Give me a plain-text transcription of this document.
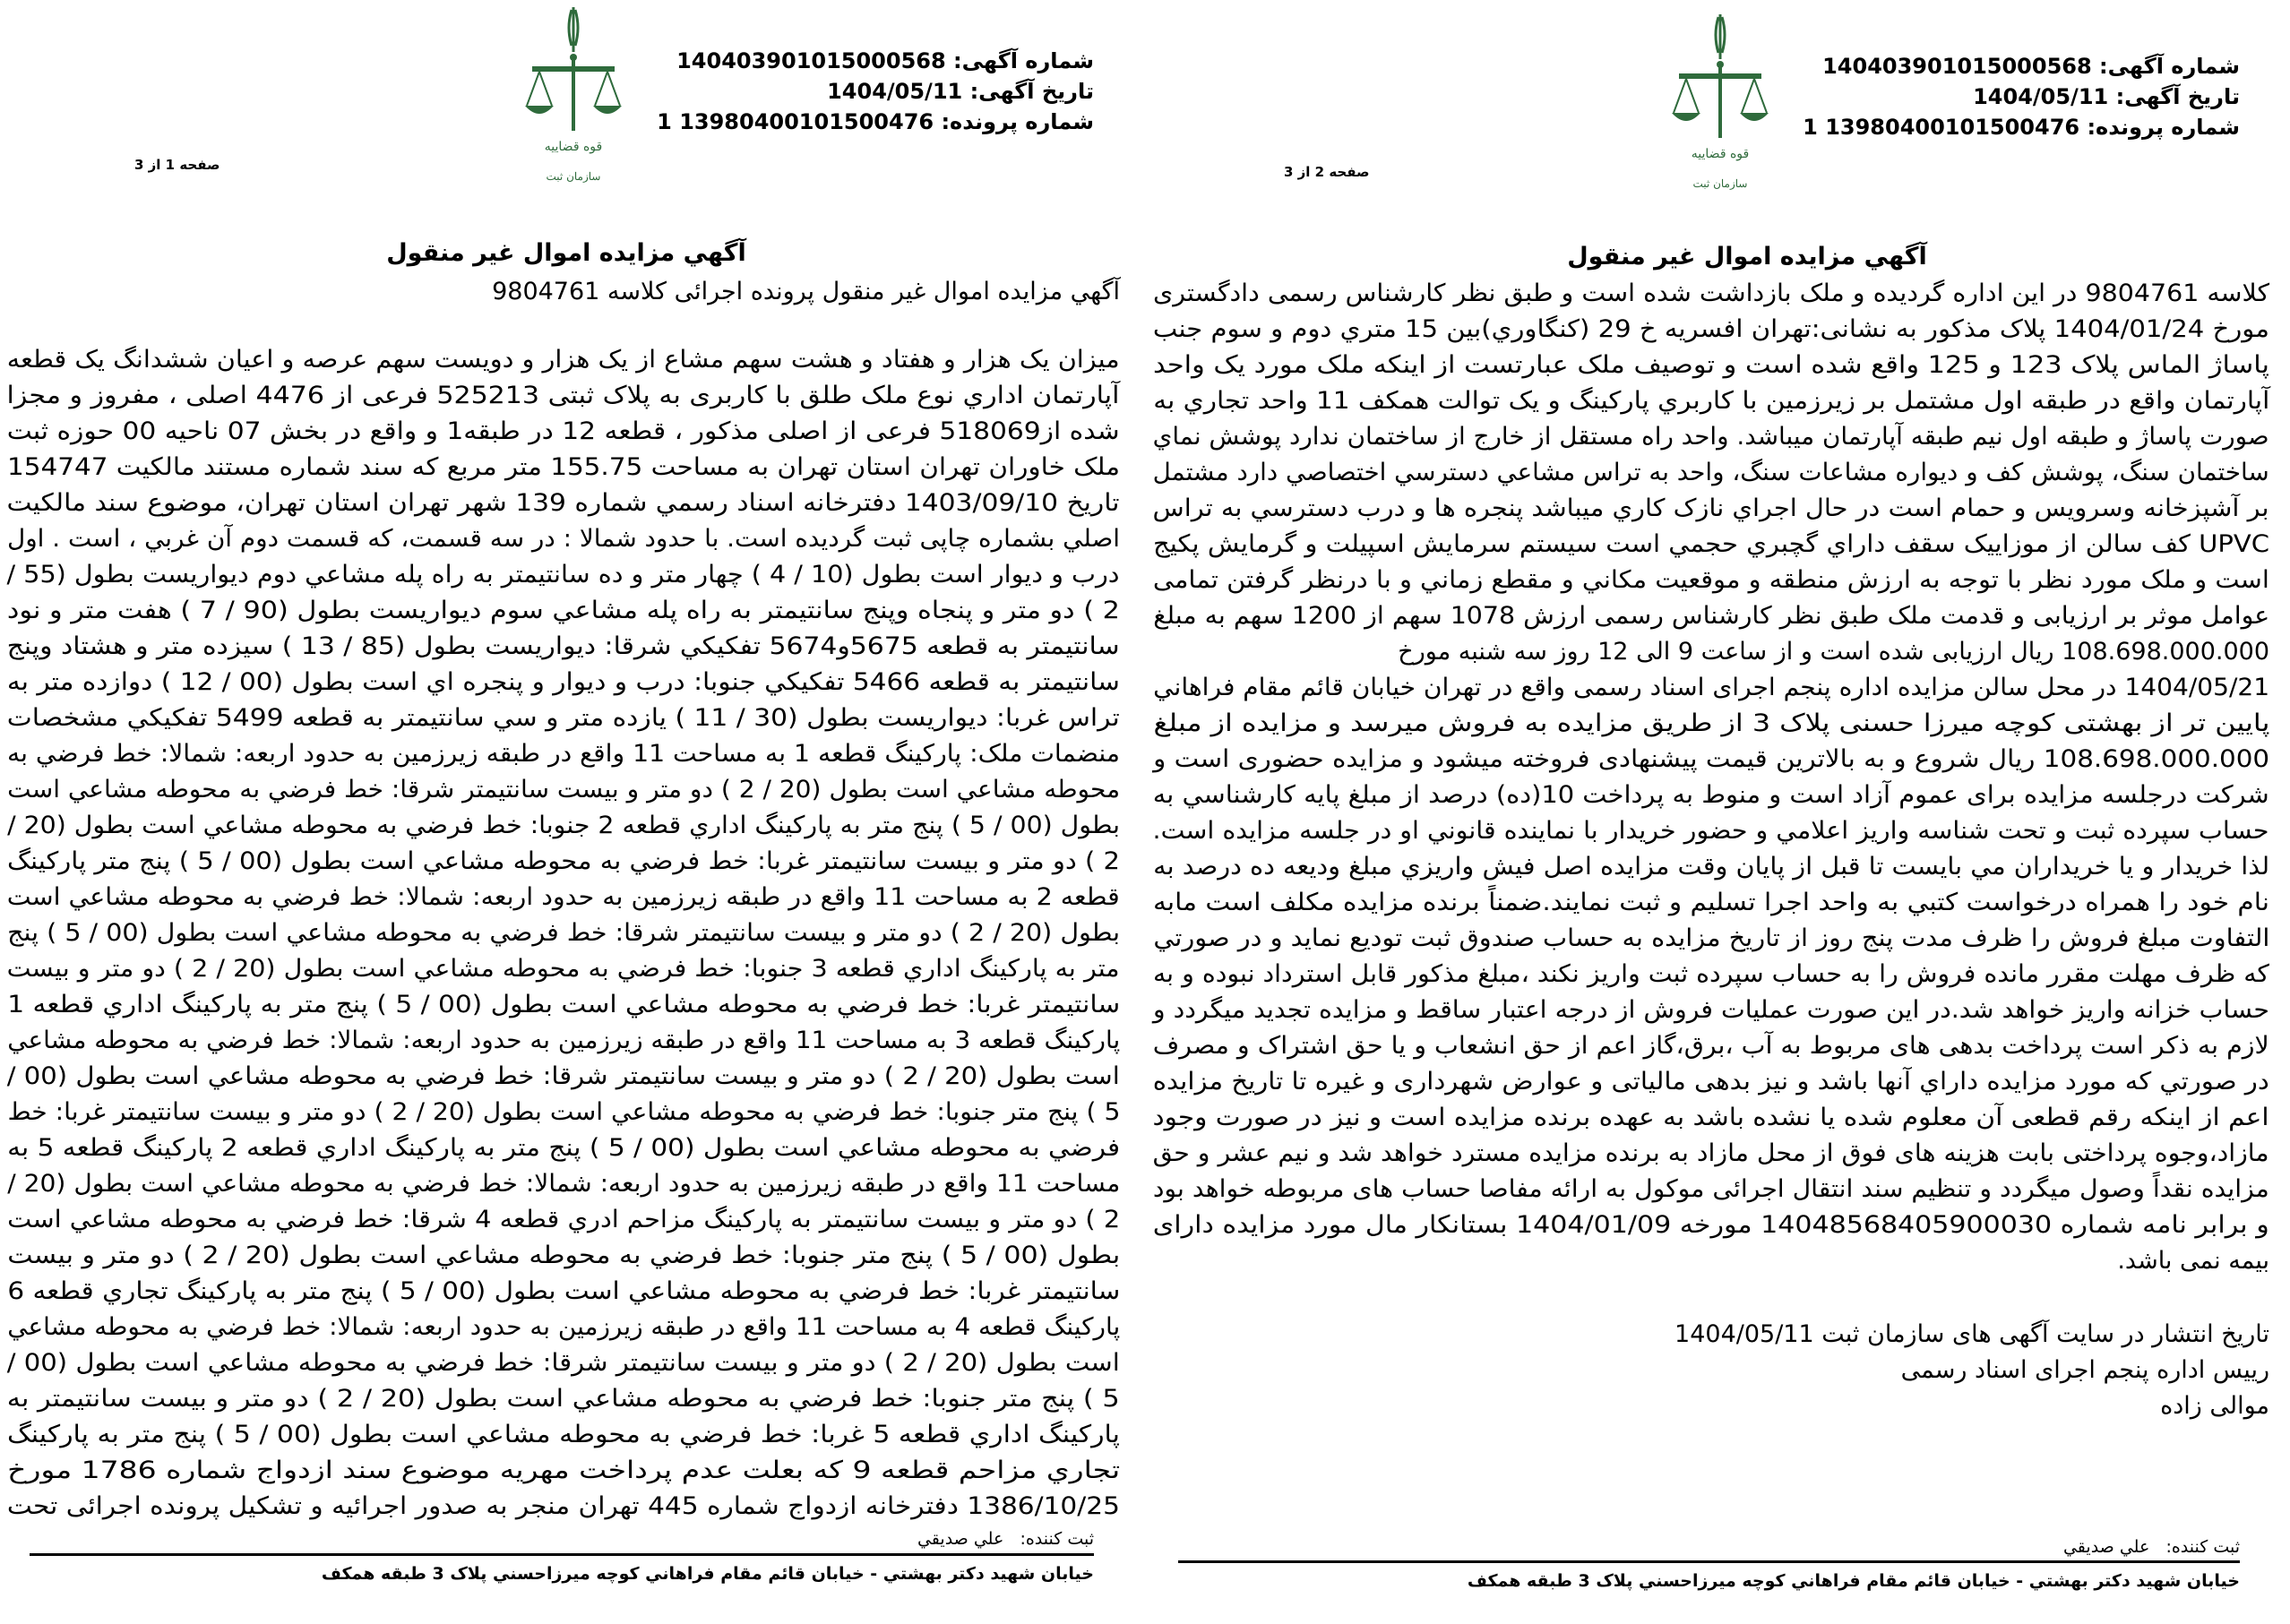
شماره آگهی: 140403901015000568
تاريخ آگهی: 1404/05/11
شماره پرونده: 13980400101500476 1
قوه قضاييه
سازمان ثبت
صفحه 1 از 3
آگهي مزايده اموال غير منقول
آگهي مزايده اموال غير منقول پرونده اجرائی کلاسه 9804761
ميزان يک هزار و هفتاد و هشت سهم مشاع از يک هزار و دويست سهم عرصه و اعيان ششدانگ يک قطعه
آپارتمان اداري نوع ملک طلق با کاربری به پلاک ثبتی 525213 فرعی از 4476 اصلی ، مفروز و مجزا
شده از518069 فرعی از اصلی مذکور ، قطعه 12 در طبقه1 و واقع در بخش 07 ناحيه 00 حوزه ثبت
ملک خاوران تهران استان تهران به مساحت 155.75 متر مربع که سند شماره مستند مالکيت 154747
تاريخ 1403/09/10 دفترخانه اسناد رسمي شماره 139 شهر تهران استان تهران، موضوع سند مالکيت
اصلي بشماره چاپی ثبت گرديده است. با حدود شمالا : در سه قسمت، که قسمت دوم آن غربي ، است . اول
درب و ديوار است بطول (10 / 4 ) چهار متر و ده سانتيمتر به راه پله مشاعي دوم ديواريست بطول (55 /
2 ) دو متر و پنجاه وپنج سانتيمتر به راه پله مشاعي سوم ديواريست بطول (90 / 7 ) هفت متر و نود
سانتيمتر به قطعه 5675و5674 تفکيکي شرقا: ديواريست بطول (85 / 13 ) سيزده متر و هشتاد وپنج
سانتيمتر به قطعه 5466 تفکيکي جنوبا: درب و ديوار و پنجره اي است بطول (00 / 12 ) دوازده متر به
تراس غربا: ديواريست بطول (30 / 11 ) يازده متر و سي سانتيمتر به قطعه 5499 تفکيکي مشخصات
منضمات ملک: پارکينگ قطعه 1 به مساحت 11 واقع در طبقه زيرزمين به حدود اربعه: شمالا: خط فرضي به
محوطه مشاعي است بطول (20 / 2 ) دو متر و بيست سانتيمتر شرقا: خط فرضي به محوطه مشاعي است
بطول (00 / 5 ) پنج متر به پارکينگ اداري قطعه 2 جنوبا: خط فرضي به محوطه مشاعي است بطول (20 /
2 ) دو متر و بيست سانتيمتر غربا: خط فرضي به محوطه مشاعي است بطول (00 / 5 ) پنج متر پارکينگ
قطعه 2 به مساحت 11 واقع در طبقه زيرزمين به حدود اربعه: شمالا: خط فرضي به محوطه مشاعي است
بطول (20 / 2 ) دو متر و بيست سانتيمتر شرقا: خط فرضي به محوطه مشاعي است بطول (00 / 5 ) پنج
متر به پارکينگ اداري قطعه 3 جنوبا: خط فرضي به محوطه مشاعي است بطول (20 / 2 ) دو متر و بيست
سانتيمتر غربا: خط فرضي به محوطه مشاعي است بطول (00 / 5 ) پنج متر به پارکينگ اداري قطعه 1
پارکينگ قطعه 3 به مساحت 11 واقع در طبقه زيرزمين به حدود اربعه: شمالا: خط فرضي به محوطه مشاعي
است بطول (20 / 2 ) دو متر و بيست سانتيمتر شرقا: خط فرضي به محوطه مشاعي است بطول (00 /
5 ) پنج متر جنوبا: خط فرضي به محوطه مشاعي است بطول (20 / 2 ) دو متر و بيست سانتيمتر غربا: خط
فرضي به محوطه مشاعي است بطول (00 / 5 ) پنج متر به پارکينگ اداري قطعه 2 پارکينگ قطعه 5 به
مساحت 11 واقع در طبقه زيرزمين به حدود اربعه: شمالا: خط فرضي به محوطه مشاعي است بطول (20 /
2 ) دو متر و بيست سانتيمتر به پارکينگ مزاحم ادري قطعه 4 شرقا: خط فرضي به محوطه مشاعي است
بطول (00 / 5 ) پنج متر جنوبا: خط فرضي به محوطه مشاعي است بطول (20 / 2 ) دو متر و بيست
سانتيمتر غربا: خط فرضي به محوطه مشاعي است بطول (00 / 5 ) پنج متر به پارکينگ تجاري قطعه 6
پارکينگ قطعه 4 به مساحت 11 واقع در طبقه زيرزمين به حدود اربعه: شمالا: خط فرضي به محوطه مشاعي
است بطول (20 / 2 ) دو متر و بيست سانتيمتر شرقا: خط فرضي به محوطه مشاعي است بطول (00 /
5 ) پنج متر جنوبا: خط فرضي به محوطه مشاعي است بطول (20 / 2 ) دو متر و بيست سانتيمتر به
پارکينگ اداري قطعه 5 غربا: خط فرضي به محوطه مشاعي است بطول (00 / 5 ) پنج متر به پارکينگ
تجاري مزاحم قطعه 9 که بعلت عدم پرداخت مهريه موضوع سند ازدواج شماره 1786 مورخ
1386/10/25 دفترخانه ازدواج شماره 445 تهران منجر به صدور اجرائيه و تشکيل پرونده اجرائی تحت
ثبت کننده:   علي صديقي
خيابان شهيد دکتر بهشتي - خيابان قائم مقام فراهاني کوچه ميرزاحسني پلاک 3 طبقه همکف
شماره آگهی: 140403901015000568
تاريخ آگهی: 1404/05/11
شماره پرونده: 13980400101500476 1
قوه قضاييه
سازمان ثبت
صفحه 2 از 3
آگهي مزايده اموال غير منقول
کلاسه 9804761 در اين اداره گرديده و ملک بازداشت شده است و طبق نظر کارشناس رسمی دادگستری
مورخ 1404/01/24 پلاک مذکور به نشانی:تهران افسريه خ 29 (کنگاوري)بين 15 متري دوم و سوم جنب
پاساژ الماس پلاک 123 و 125 واقع شده است و توصيف ملک عبارتست از اينکه ملک مورد يک واحد
آپارتمان واقع در طبقه اول مشتمل بر زيرزمين با کاربري پارکينگ و يک توالت همکف 11 واحد تجاري به
صورت پاساژ و طبقه اول نيم طبقه آپارتمان ميباشد. واحد راه مستقل از خارج از ساختمان ندارد پوشش نماي
ساختمان سنگ، پوشش کف و ديواره مشاعات سنگ، واحد به تراس مشاعي دسترسي اختصاصي دارد مشتمل
بر آشپزخانه وسرويس و حمام است در حال اجراي نازک کاري ميباشد پنجره ها و درب دسترسي به تراس
UPVC کف سالن از موزاييک سقف داراي گچبري حجمي است سيستم سرمايش اسپيلت و گرمايش پکيج
است و ملک مورد نظر با توجه به ارزش منطقه و موقعيت مکاني و مقطع زماني و با درنظر گرفتن تمامی
عوامل موثر بر ارزيابی و قدمت ملک طبق نظر کارشناس رسمی ارزش 1078 سهم از 1200 سهم به مبلغ
108.698.000.000 ريال ارزيابی شده است و از ساعت 9 الی 12 روز سه شنبه مورخ
1404/05/21 در محل سالن مزايده اداره پنجم اجرای اسناد رسمی واقع در تهران خيابان قائم مقام فراهاني
پايين تر از بهشتی کوچه ميرزا حسنی پلاک 3 از طريق مزايده به فروش ميرسد و مزايده از مبلغ
108.698.000.000 ريال شروع و به بالاترين قيمت پيشنهادی فروخته ميشود و مزايده حضوری است و
شرکت درجلسه مزايده برای عموم آزاد است و منوط به پرداخت 10(ده) درصد از مبلغ پايه کارشناسي به
حساب سپرده ثبت و تحت شناسه واريز اعلامي و حضور خريدار با نماينده قانوني او در جلسه مزايده است.
لذا خريدار و يا خريداران مي بايست تا قبل از پايان وقت مزايده اصل فيش واريزي مبلغ وديعه ده درصد به
نام خود را همراه درخواست کتبي به واحد اجرا تسليم و ثبت نمايند.ضمناً برنده مزايده مکلف است مابه
التفاوت مبلغ فروش را ظرف مدت پنج روز از تاريخ مزايده به حساب صندوق ثبت توديع نمايد و در صورتي
که ظرف مهلت مقرر مانده فروش را به حساب سپرده ثبت واريز نکند ،مبلغ مذکور قابل استرداد نبوده و به
حساب خزانه واريز خواهد شد.در اين صورت عمليات فروش از درجه اعتبار ساقط و مزايده تجديد ميگردد و
لازم به ذکر است پرداخت بدهی های مربوط به آب ،برق،گاز اعم از حق انشعاب و يا حق اشتراک و مصرف
در صورتي که مورد مزايده داراي آنها باشد و نيز بدهی مالياتی و عوارض شهرداری و غيره تا تاريخ مزايده
اعم از اينکه رقم قطعی آن معلوم شده يا نشده باشد به عهده برنده مزايده است و نيز در صورت وجود
مازاد،وجوه پرداختی بابت هزينه های فوق از محل مازاد به برنده مزايده مسترد خواهد شد و نيم عشر و حق
مزايده نقداً وصول ميگردد و تنظيم سند انتقال اجرائی موکول به ارائه مفاصا حساب های مربوطه خواهد بود
و برابر نامه شماره 14048568405900030 مورخه 1404/01/09 بستانکار مال مورد مزايده دارای
بيمه نمی باشد.
تاريخ انتشار در سايت آگهی های سازمان ثبت 1404/05/11
رييس اداره پنجم اجرای اسناد رسمی
موالی زاده
ثبت کننده:   علي صديقي
خيابان شهيد دکتر بهشتي - خيابان قائم مقام فراهاني کوچه ميرزاحسني پلاک 3 طبقه همکف
